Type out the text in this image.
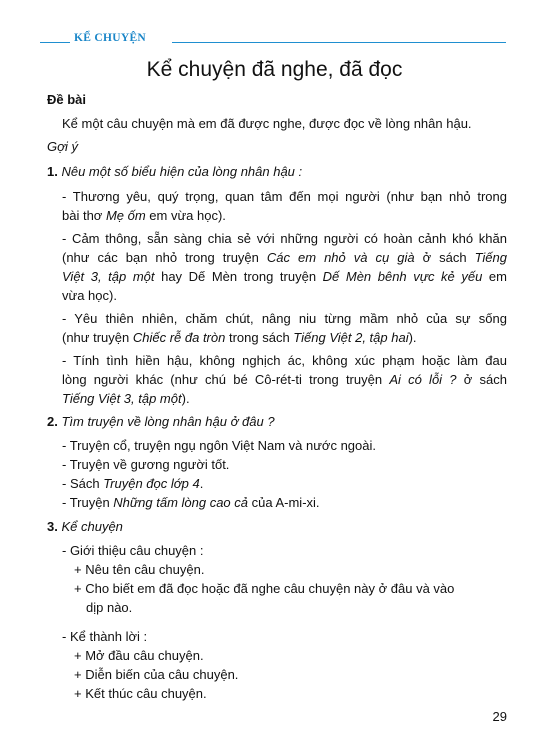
KỂ CHUYỆN
Kể chuyện đã nghe, đã đọc
Đề bài
Kể một câu chuyện mà em đã được nghe, được đọc về lòng nhân hậu.
Gợi ý
1. Nêu một số biểu hiện của lòng nhân hậu :
- Thương yêu, quý trọng, quan tâm đến mọi người (như bạn nhỏ trong
bài thơ Mẹ ốm em vừa học).
- Cảm thông, sẵn sàng chia sẻ với những người có hoàn cảnh khó khăn
(như các bạn nhỏ trong truyện Các em nhỏ và cụ già ở sách Tiếng
Việt 3, tập một hay Dế Mèn trong truyện Dế Mèn bênh vực kẻ yếu em
vừa học).
- Yêu thiên nhiên, chăm chút, nâng niu từng mầm nhỏ của sự sống
(như truyện Chiếc rễ đa tròn trong sách Tiếng Việt 2, tập hai).
- Tính tình hiền hậu, không nghịch ác, không xúc phạm hoặc làm đau
lòng người khác (như chú bé Cô-rét-ti trong truyện Ai có lỗi ? ở sách
Tiếng Việt 3, tập một).
2. Tìm truyện về lòng nhân hậu ở đâu ?
- Truyện cổ, truyện ngụ ngôn Việt Nam và nước ngoài.
- Truyện về gương người tốt.
- Sách Truyện đọc lớp 4.
- Truyện Những tấm lòng cao cả của A-mi-xi.
3. Kể chuyện
- Giới thiệu câu chuyện :
+ Nêu tên câu chuyện.
+ Cho biết em đã đọc hoặc đã nghe câu chuyện này ở đâu và vào
dịp nào.
- Kể thành lời :
+ Mở đầu câu chuyện.
+ Diễn biến của câu chuyện.
+ Kết thúc câu chuyện.
29
